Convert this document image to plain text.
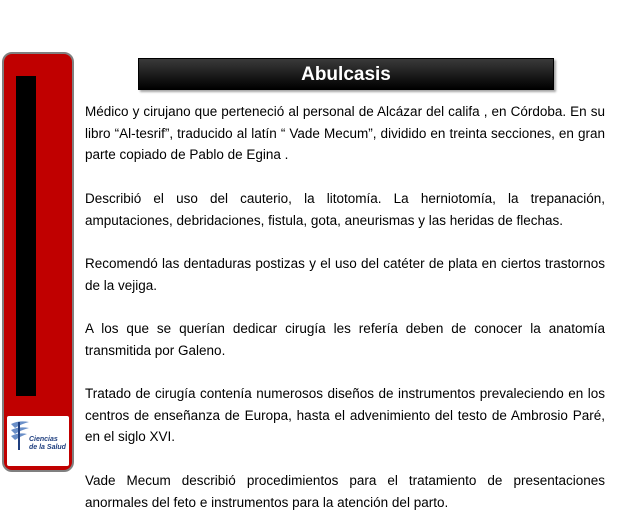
Ciencias
de la Salud
Abulcasis

Médico y cirujano que perteneció al personal de Alcázar del califa , en Córdoba. En su libro “Al-tesrif”, traducido al latín “ Vade Mecum”, dividido en treinta secciones, en gran parte copiado de Pablo de Egina .

Describió el uso del cauterio, la litotomía. La herniotomía, la trepanación, amputaciones, debridaciones, fistula, gota, aneurismas y las heridas de flechas.

Recomendó las dentaduras postizas y el uso del catéter de plata en ciertos trastornos de la vejiga.

A los que se querían dedicar cirugía les refería deben de conocer la anatomía transmitida por Galeno.

Tratado de cirugía contenía numerosos diseños de instrumentos prevaleciendo en los centros de enseñanza de Europa, hasta el advenimiento del testo de Ambrosio Paré, en el siglo XVI.

Vade Mecum describió procedimientos para el tratamiento de presentaciones anormales del feto e instrumentos para la atención del parto.
